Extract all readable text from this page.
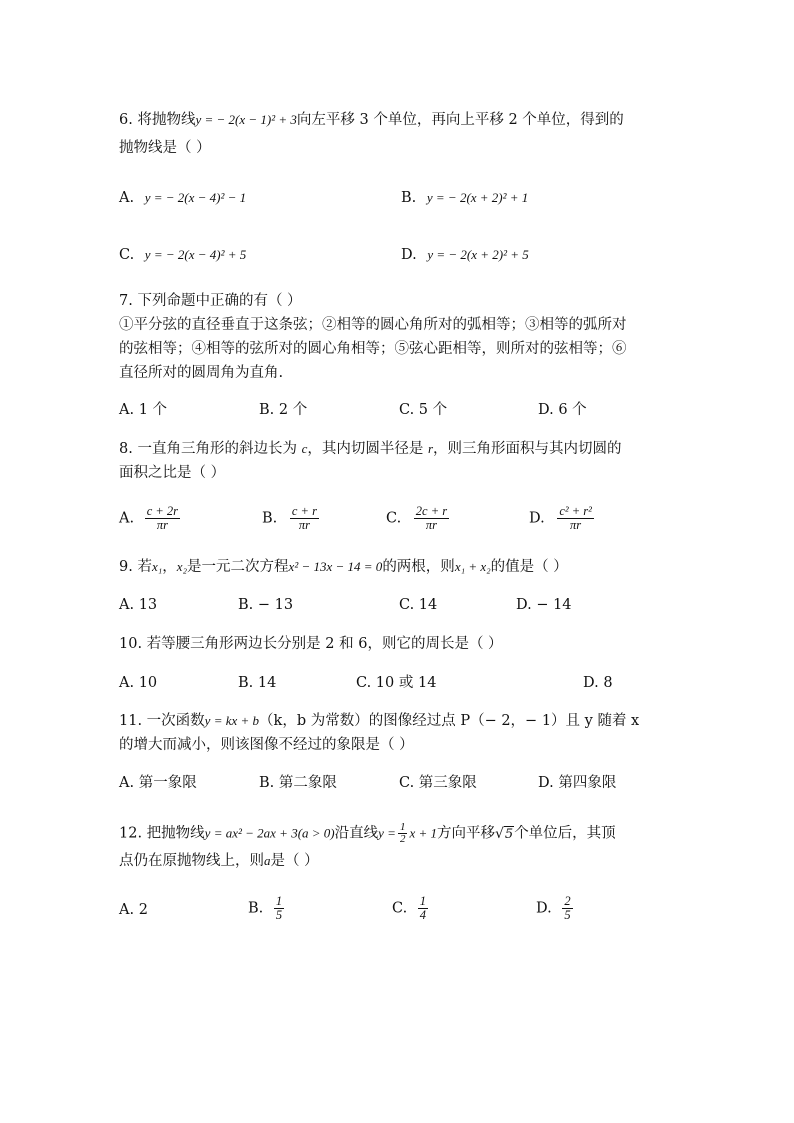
6. 将抛物线y = − 2(x − 1)² + 3向左平移 3 个单位，再向上平移 2 个单位，得到的
抛物线是（ ）
A. y = − 2(x − 4)² − 1	B. y = − 2(x + 2)² + 1
C. y = − 2(x − 4)² + 5	D. y = − 2(x + 2)² + 5
7. 下列命题中正确的有（ ）
①平分弦的直径垂直于这条弦；②相等的圆心角所对的弧相等；③相等的弧所对
的弦相等；④相等的弦所对的圆心角相等；⑤弦心距相等，则所对的弦相等；⑥
直径所对的圆周角为直角.
A. 1 个	B. 2 个	C. 5 个	D. 6 个
8. 一直角三角形的斜边长为 c，其内切圆半径是 r，则三角形面积与其内切圆的
面积之比是（ ）
A. $\frac{c + 2r}{\pi r}$	B. $\frac{c + r}{\pi r}$	C. $\frac{2c + r}{\pi r}$	D. $\frac{\text{c² + r²}}{\pi r}$
9. 若x₁，x₂是一元二次方程x² − 13x − 14 = 0的两根，则x₁ + x₂的值是（ ）
A. 13	B. − 13	C. 14	D. − 14
10. 若等腰三角形两边长分别是 2 和 6，则它的周长是（ ）
A. 10	B. 14	C. 10 或 14	D. 8
11. 一次函数y = kx + b（k，b 为常数）的图像经过点 P（− 2，− 1）且 y 随着 x
的增大而减小，则该图像不经过的象限是（ ）
A. 第一象限	B. 第二象限	C. 第三象限	D. 第四象限
12. 把抛物线y = ax² − 2ax + 3(a > 0)沿直线$y = \frac{1}{2}$ x + 1方向平移√5个单位后，其顶
点仍在原抛物线上，则a是（ ）
A. 2	B. $\frac{1}{5}$	C. $\frac{1}{4}$	D. $\frac{2}{5}$
